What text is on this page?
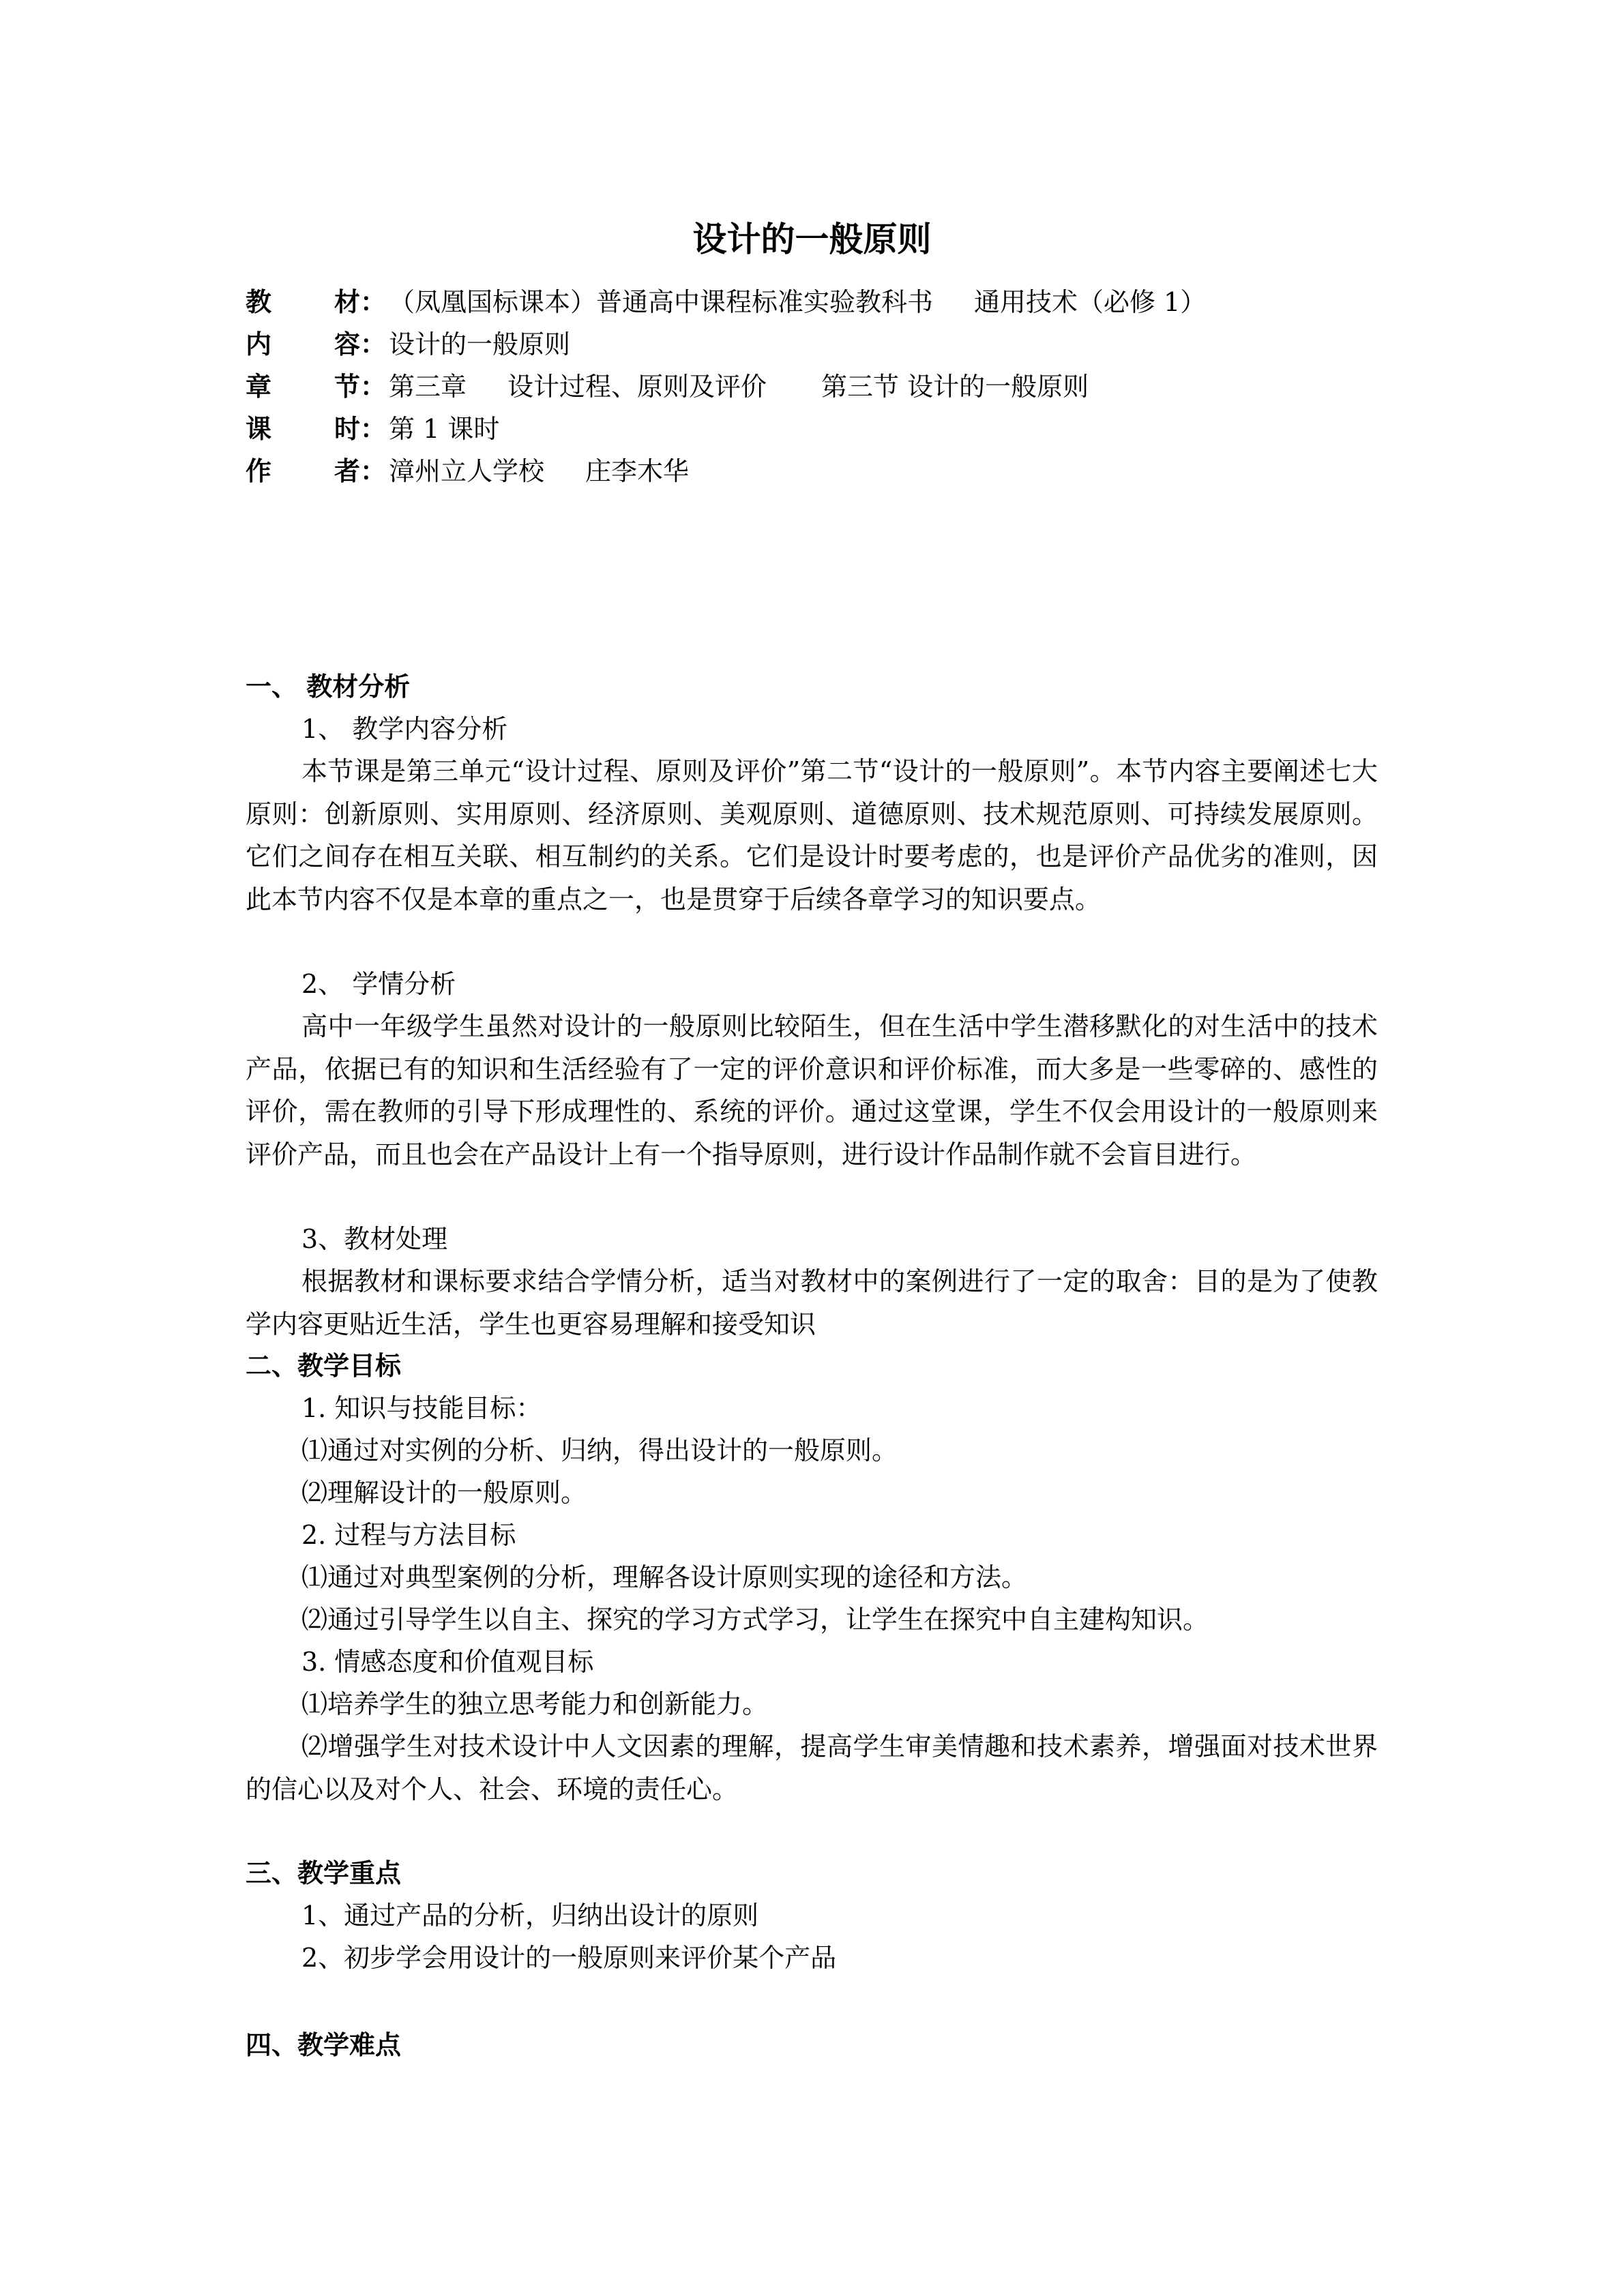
设计的一般原则
教 材： （凤凰国标课本）普通高中课程标准实验教科书 通用技术（必修 1）
内 容： 设计的一般原则
章 节： 第三章 设计过程、原则及评价 第三节 设计的一般原则
课 时： 第 1 课时
作 者： 漳州立人学校 庄李木华
一、 教材分析
1、 教学内容分析
本节课是第三单元“设计过程、原则及评价”第二节“设计的一般原则”。本节内容主要阐述七大原则：创新原则、实用原则、经济原则、美观原则、道德原则、技术规范原则、可持续发展原则。它们之间存在相互关联、相互制约的关系。它们是设计时要考虑的，也是评价产品优劣的准则，因此本节内容不仅是本章的重点之一，也是贯穿于后续各章学习的知识要点。
2、 学情分析
高中一年级学生虽然对设计的一般原则比较陌生，但在生活中学生潜移默化的对生活中的技术产品，依据已有的知识和生活经验有了一定的评价意识和评价标准，而大多是一些零碎的、感性的评价，需在教师的引导下形成理性的、系统的评价。通过这堂课，学生不仅会用设计的一般原则来评价产品，而且也会在产品设计上有一个指导原则，进行设计作品制作就不会盲目进行。
3、教材处理
根据教材和课标要求结合学情分析，适当对教材中的案例进行了一定的取舍：目的是为了使教学内容更贴近生活，学生也更容易理解和接受知识
二、教学目标
1. 知识与技能目标：
⑴通过对实例的分析、归纳，得出设计的一般原则。
⑵理解设计的一般原则。
2. 过程与方法目标
⑴通过对典型案例的分析，理解各设计原则实现的途径和方法。
⑵通过引导学生以自主、探究的学习方式学习，让学生在探究中自主建构知识。
3. 情感态度和价值观目标
⑴培养学生的独立思考能力和创新能力。
⑵增强学生对技术设计中人文因素的理解，提高学生审美情趣和技术素养，增强面对技术世界的信心以及对个人、社会、环境的责任心。
三、教学重点
1、通过产品的分析，归纳出设计的原则
2、初步学会用设计的一般原则来评价某个产品
四、教学难点
